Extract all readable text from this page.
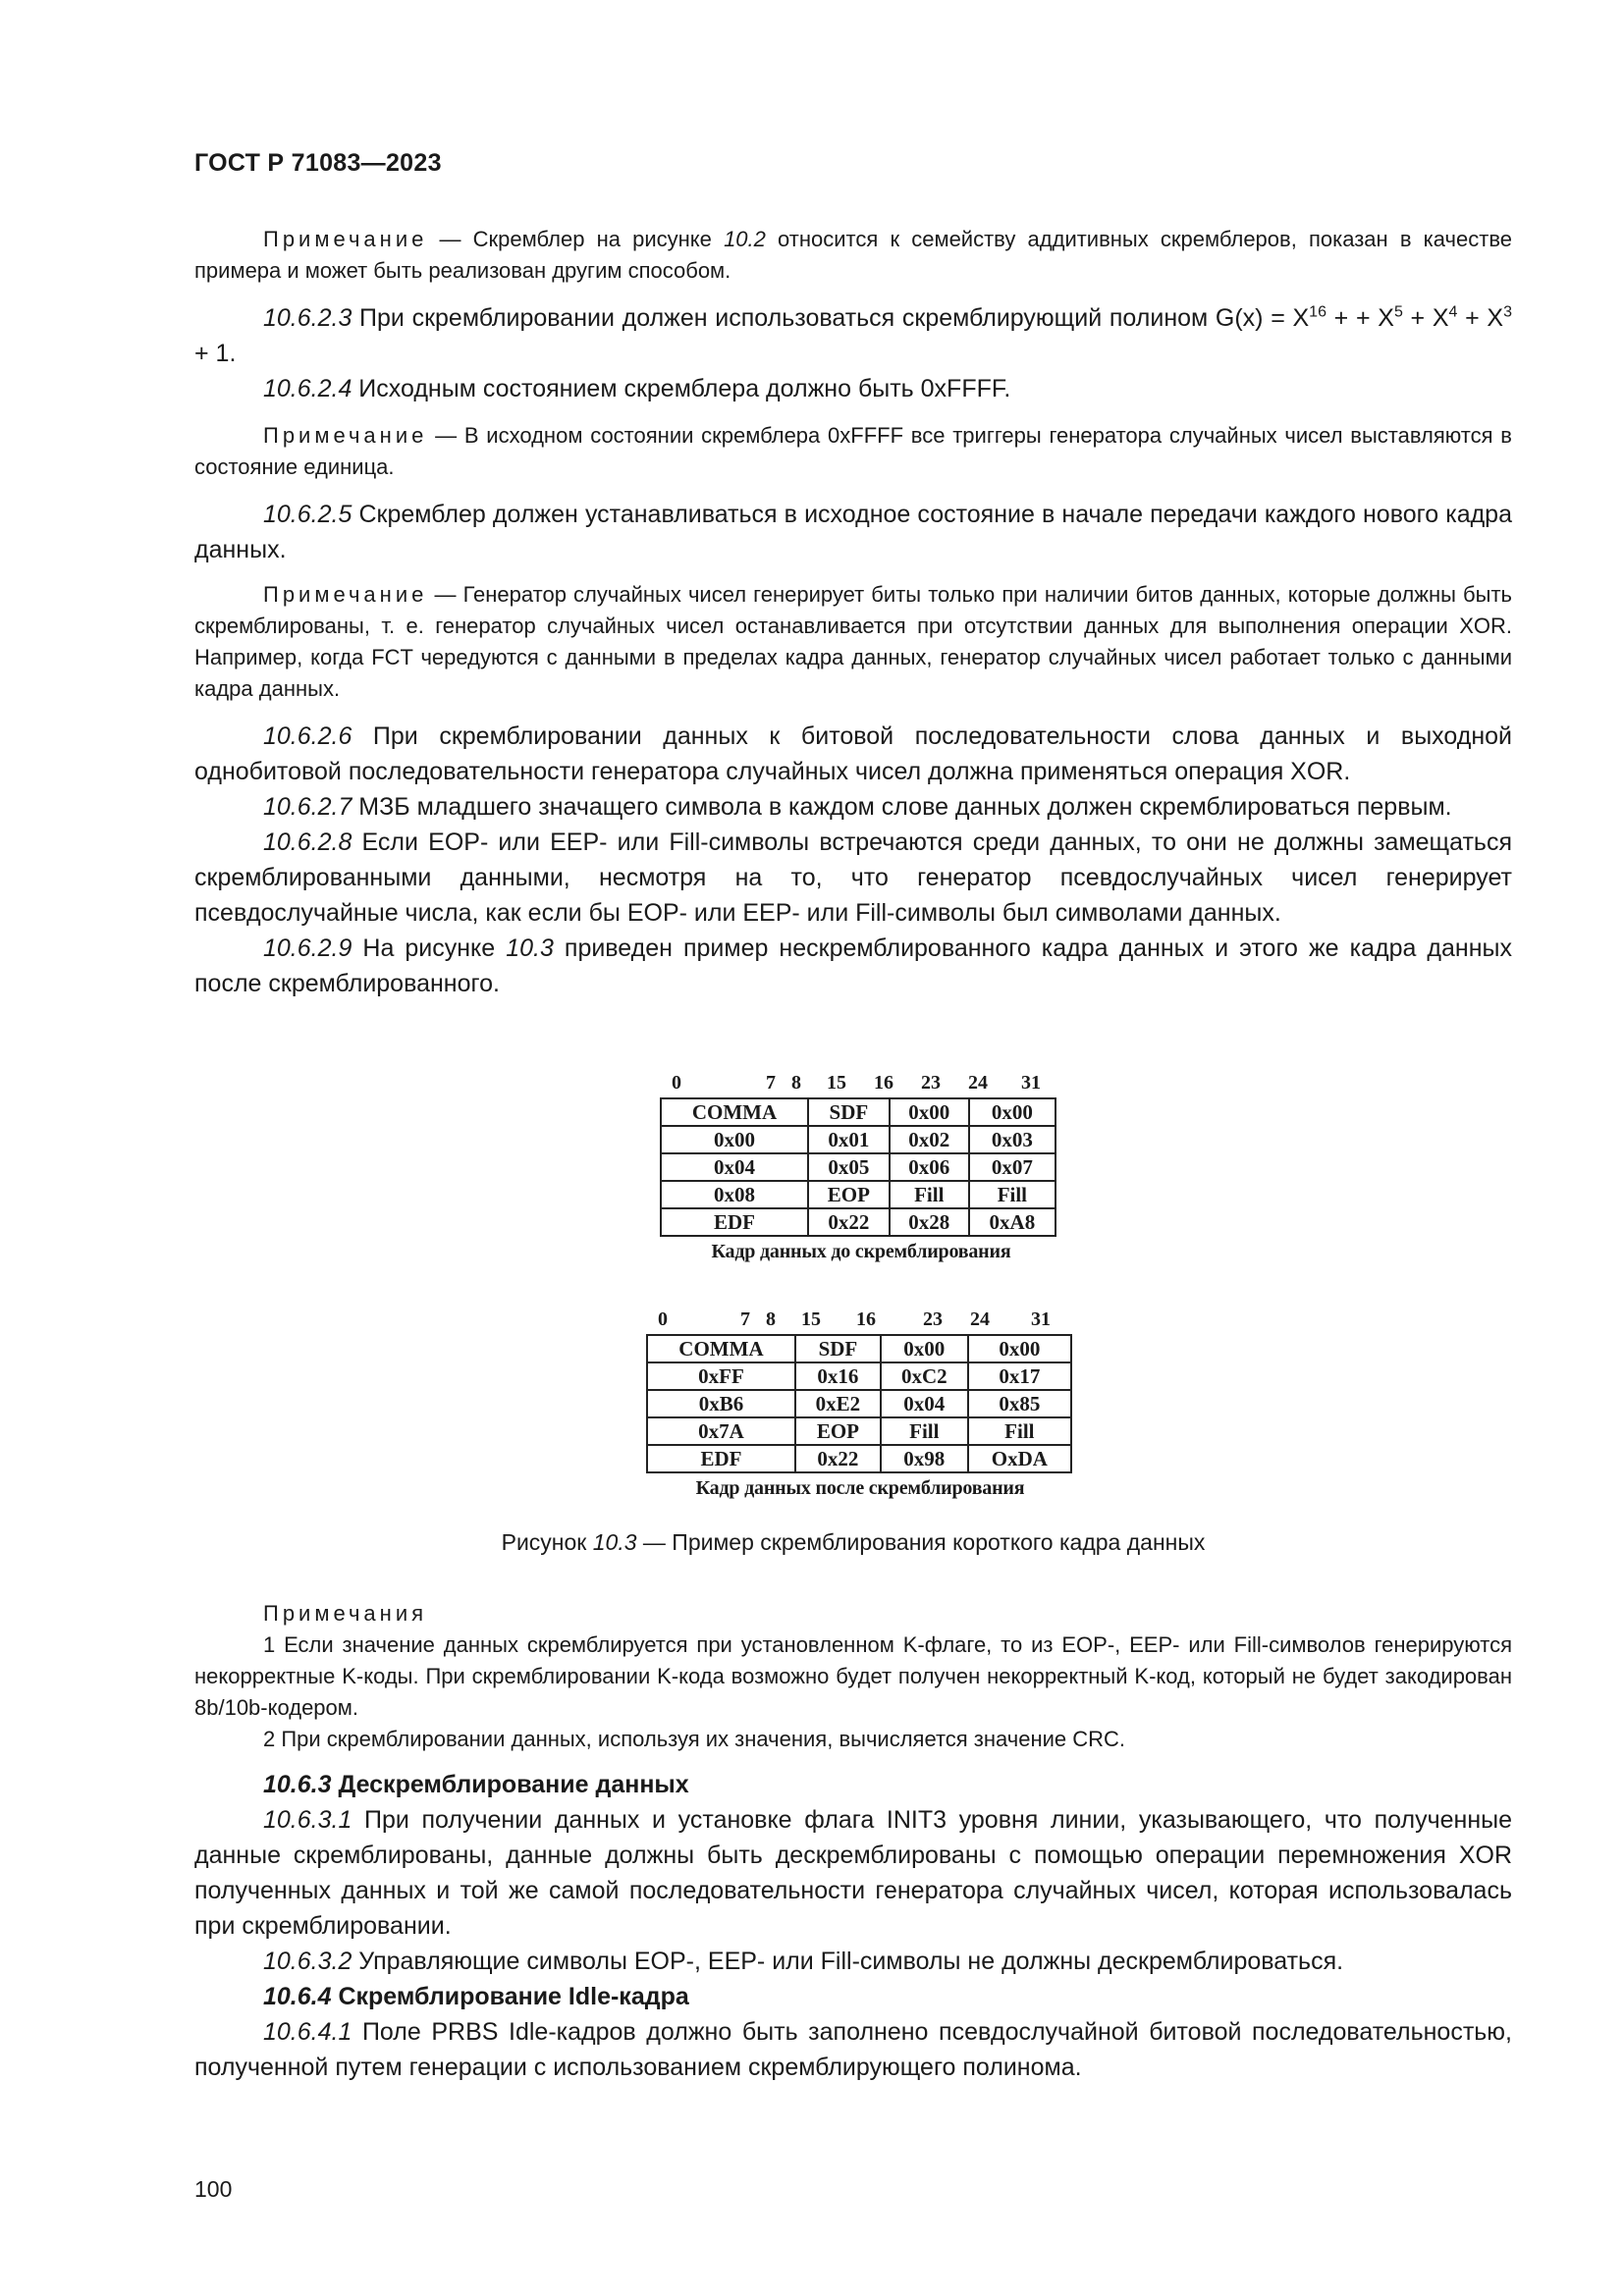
ГОСТ Р 71083—2023

Примечание — Скремблер на рисунке 10.2 относится к семейству аддитивных скремблеров, показан в качестве примера и может быть реализован другим способом.

10.6.2.3 При скремблировании должен использоваться скремблирующий полином $G(x) = X^{16}$ + + $X^5 + X^4 + X^3 + 1$.

10.6.2.4 Исходным состоянием скремблера должно быть 0xFFFF.

Примечание — В исходном состоянии скремблера 0xFFFF все триггеры генератора случайных чисел выставляются в состояние единица.

10.6.2.5 Скремблер должен устанавливаться в исходное состояние в начале передачи каждого нового кадра данных.

Примечание — Генератор случайных чисел генерирует биты только при наличии битов данных, которые должны быть скремблированы, т. е. генератор случайных чисел останавливается при отсутствии данных для выполнения операции XOR. Например, когда FCT чередуются с данными в пределах кадра данных, генератор случайных чисел работает только с данными кадра данных.

10.6.2.6 При скремблировании данных к битовой последовательности слова данных и выходной однобитовой последовательности генератора случайных чисел должна применяться операция XOR.

10.6.2.7 МЗБ младшего значащего символа в каждом слове данных должен скремблироваться первым.

10.6.2.8 Если EOP- или EEP- или Fill-символы встречаются среди данных, то они не должны замещаться скремблированными данными, несмотря на то, что генератор псевдослучайных чисел генерирует псевдослучайные числа, как если бы EOP- или EEP- или Fill-символы был символами данных.

10.6.2.9 На рисунке 10.3 приведен пример нескремблированного кадра данных и этого же кадра данных после скремблированного.

0	7 8 15 16 23 24 31
COMMA	SDF	0x00	0x00
0x00	0x01	0x02	0x03
0x04	0x05	0x06	0x07
0x08	EOP	Fill	Fill
EDF	0x22	0x28	0xA8
Кадр данных до скремблирования
0	7 8 15 16 23 24 31
COMMA	SDF	0x00	0x00
0xFF	0x16	0xC2	0x17
0xB6	0xE2	0x04	0x85
0x7A	EOP	Fill	Fill
EDF	0x22	0x98	OxDA
Кадр данных после скремблирования
Рисунок 10.3 — Пример скремблирования короткого кадра данных
Примечания

1 Если значение данных скремблируется при установленном K-флаге, то из EOP-, EEP- или Fill-символов генерируются некорректные K-коды. При скремблировании K-кода возможно будет получен некорректный K-код, который не будет закодирован 8b/10b-кодером.

2 При скремблировании данных, используя их значения, вычисляется значение CRC.

10.6.3 Дескремблирование данных

10.6.3.1 При получении данных и установке флага INIT3 уровня линии, указывающего, что полученные данные скремблированы, данные должны быть дескремблированы с помощью операции перемножения XOR полученных данных и той же самой последовательности генератора случайных чисел, которая использовалась при скремблировании.

10.6.3.2 Управляющие символы EOP-, EEP- или Fill-символы не должны дескремблироваться.

10.6.4 Скремблирование Idle-кадра

10.6.4.1 Поле PRBS Idle-кадров должно быть заполнено псевдослучайной битовой последовательностью, полученной путем генерации с использованием скремблирующего полинома.

100
